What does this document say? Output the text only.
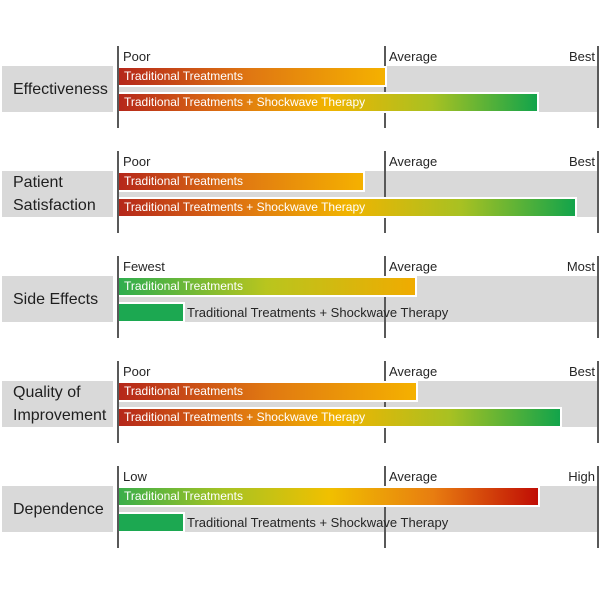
Effectiveness
Poor	Average	Best
Traditional Treatments
Traditional Treatments + Shockwave Therapy
Patient Satisfaction
Poor	Average	Best
Traditional Treatments
Traditional Treatments + Shockwave Therapy
Side Effects
Fewest	Average	Most
Traditional Treatments
Traditional Treatments + Shockwave Therapy
Quality of Improvement
Poor	Average	Best
Traditional Treatments
Traditional Treatments + Shockwave Therapy
Dependence
Low	Average	High
Traditional Treatments
Traditional Treatments + Shockwave Therapy
